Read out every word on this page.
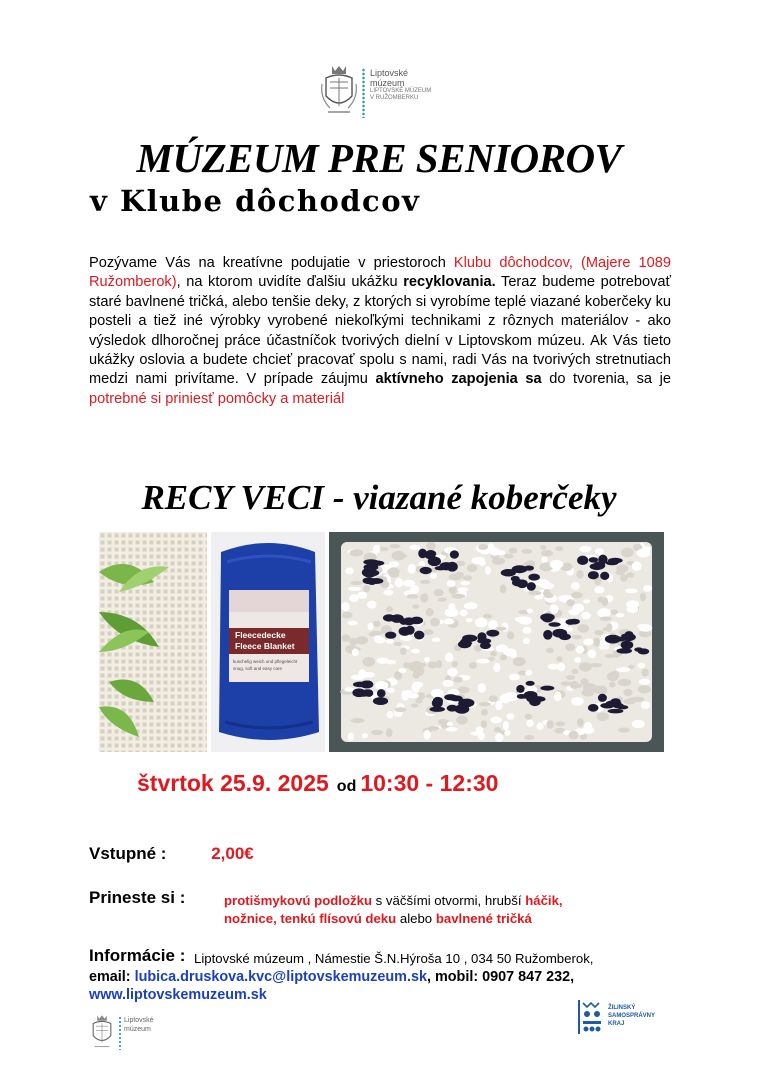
Liptovské
múzeum
LIPTOVSKÉ MÚZEUM
V RUŽOMBERKU
MÚZEUM PRE SENIOROV
v Klube dôchodcov

Pozývame Vás na kreatívne podujatie v priestoroch Klubu dôchodcov, (Majere 1089 Ružomberok), na ktorom uvidíte ďalšiu ukážku recyklovania. Teraz budeme potrebovať staré bavlnené tričká, alebo tenšie deky, z ktorých si vyrobíme teplé viazané koberčeky ku posteli a tiež iné výrobky vyrobené niekoľkými technikami z rôznych materiálov - ako výsledok dlhoročnej práce účastníčok tvorivých dielní v Liptovskom múzeu. Ak Vás tieto ukážky oslovia a budete chcieť pracovať spolu s nami, radi Vás na tvorivých stretnutiach medzi nami privítame. V prípade záujmu aktívneho zapojenia sa do tvorenia, sa je potrebné si priniesť pomôcky a materiál

RECY VECI - viazané koberčeky
Fleecedecke
Fleece Blanket
kuschelig weich und pflegeleicht
snug, soft and easy care
štvrtok 25.9. 2025 od 10:30 - 12:30
Vstupné :	2,00€
Prineste si :	protišmykovú podložku s väčšími otvormi, hrubší háčik,
nožnice, tenkú flísovú deku alebo bavlnené tričká
Informácie : Liptovské múzeum , Námestie Š.N.Hýroša 10 , 034 50 Ružomberok,
email: lubica.druskova.kvc@liptovskemuzeum.sk, mobil: 0907 847 232,
www.liptovskemuzeum.sk
Liptovské
múzeum
ŽILINSKÝ
SAMOSPRÁVNY
KRAJ
